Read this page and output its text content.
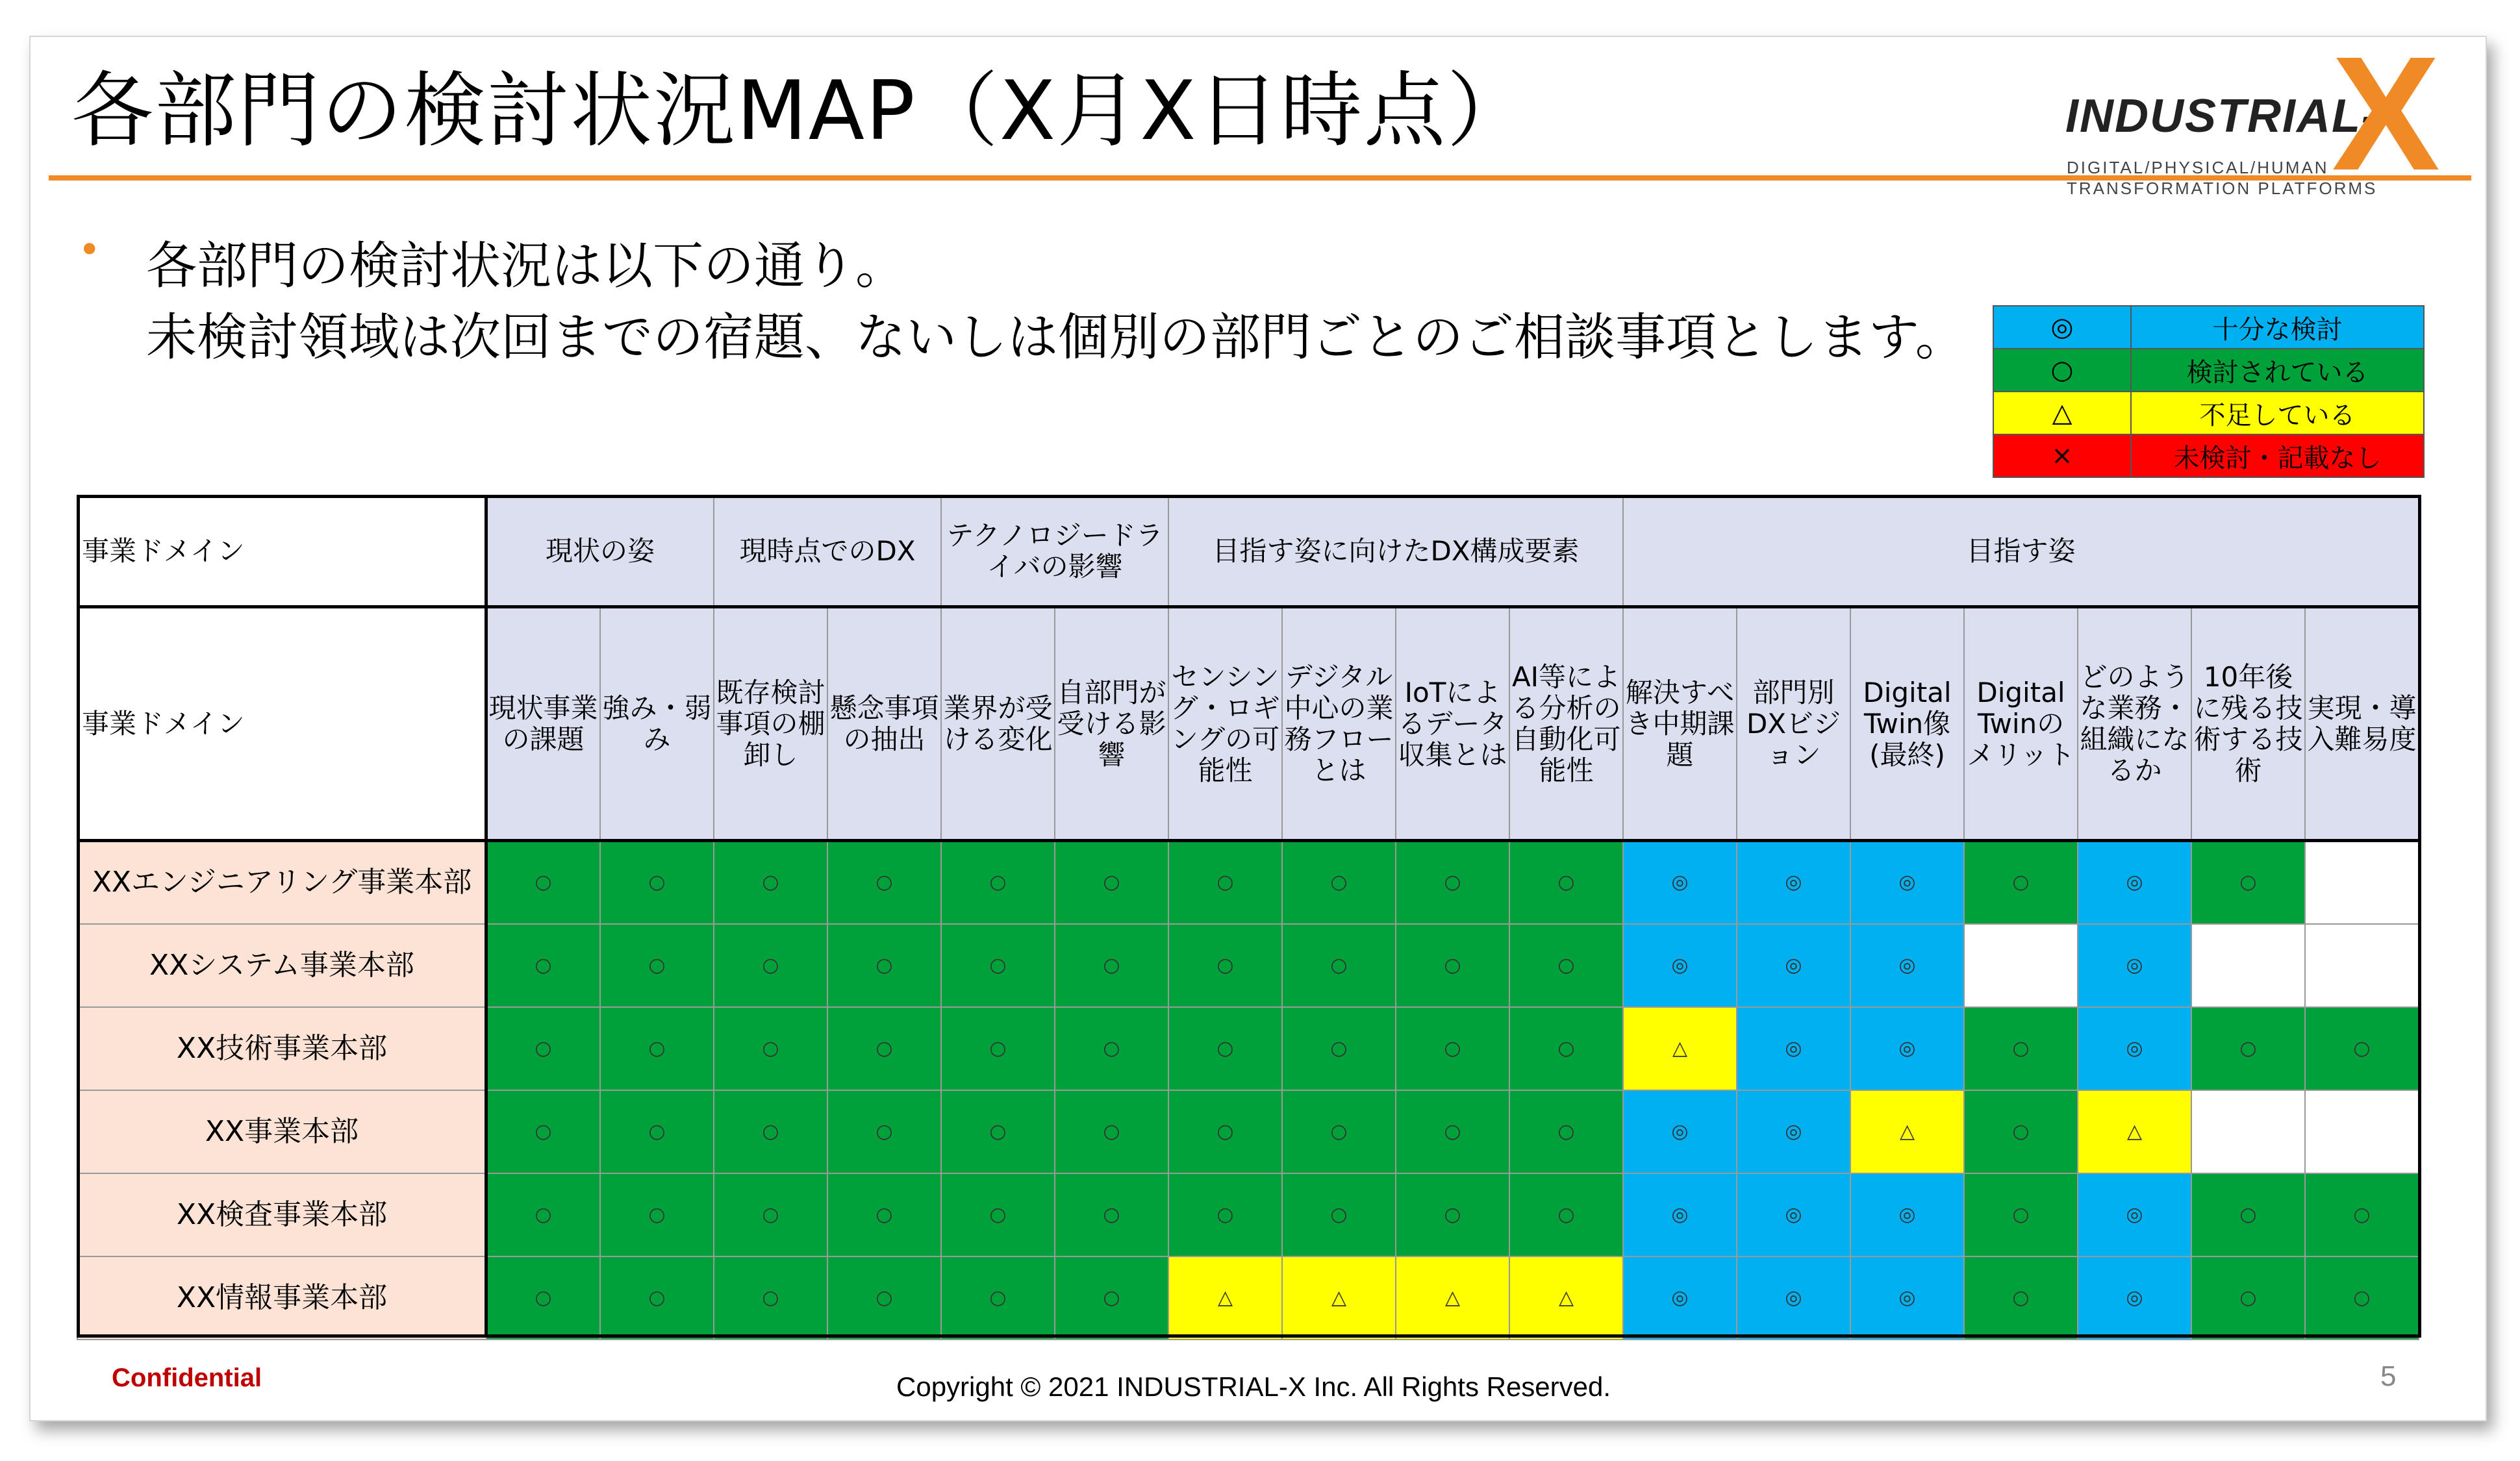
各部門の検討状況MAP（X月X日時点）	INDUSTRIAL-
X
DIGITAL/PHYSICAL/HUMAN
TRANSFORMATION PLATFORMS
• 各部門の検討状況は以下の通り。
未検討領域は次回までの宿題、ないしは個別の部門ごとのご相談事項とします。	◎	十分な検討
○	検討されている
△	不足している
×	未検討・記載なし
事業ドメイン	現状の姿		現時点でのDX		テクノロジードライバの影響		目指す姿に向けたDX構成要素				目指す姿						
事業ドメイン	現状事業の課題	強み・弱み	既存検討事項の棚卸し	懸念事項の抽出	業界が受ける変化	自部門が受ける影響	センシング・ロギングの可能性	デジタル中心の業務フローとは	IoTによるデータ収集とは	AI等による分析の自動化可能性	解決すべき中期課題	部門別DXビジョン	Digital Twin像(最終)	Digital Twinのメリット	どのような業務・組織になるか	10年後に残る技術する技術	実現・導入難易度
XXエンジニアリング事業本部	○	○	○	○	○	○	○	○	○	○	◎	◎	◎	○	◎	○	
XXシステム事業本部	○	○	○	○	○	○	○	○	○	○	◎	◎	◎		◎		
XX技術事業本部	○	○	○	○	○	○	○	○	○	○	△	◎	◎	○	◎	○	○
XX事業本部	○	○	○	○	○	○	○	○	○	○	◎	◎	△	○	△		
XX検査事業本部	○	○	○	○	○	○	○	○	○	○	◎	◎	◎	○	◎	○	○
XX情報事業本部	○	○	○	○	○	○	△	△	△	△	◎	◎	◎	○	◎	○	○
Confidential	Copyright © 2021 INDUSTRIAL-X Inc. All Rights Reserved.	5
